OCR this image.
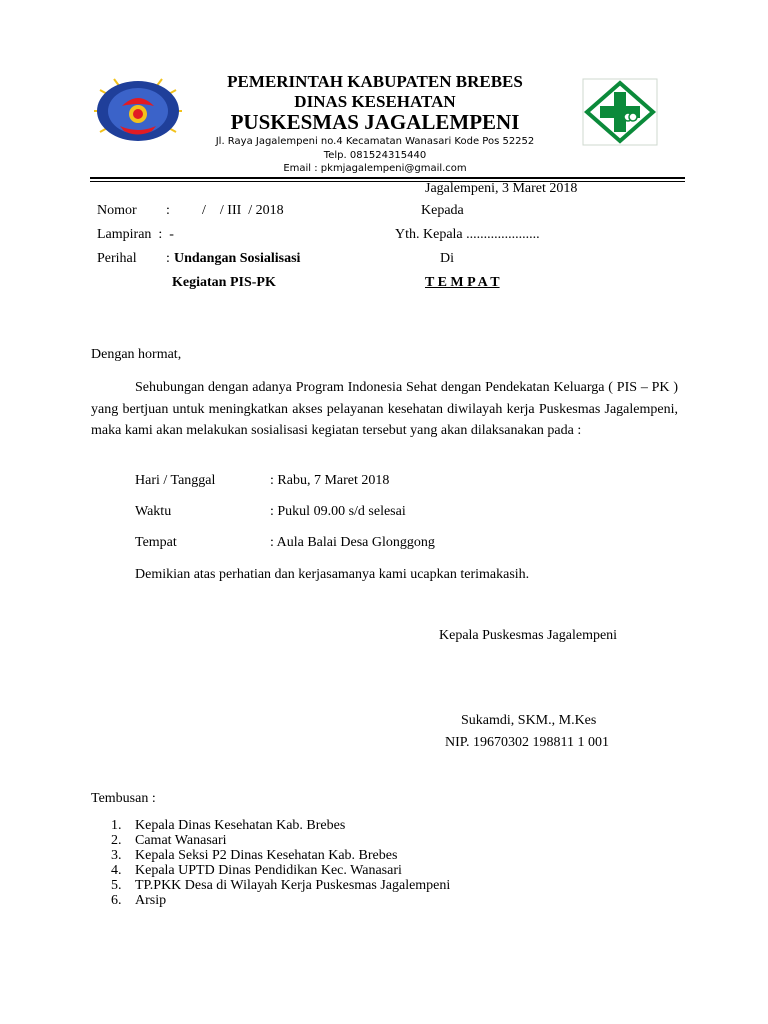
PEMERINTAH KABUPATEN BREBES
DINAS KESEHATAN
PUSKESMAS JAGALEMPENI
Jl. Raya Jagalempeni no.4 Kecamatan Wanasari Kode Pos 52252
Telp. 081524315440
Email : pkmjagalempeni@gmail.com
Jagalempeni, 3 Maret 2018
Nomor : /    / III  / 2018	Kepada
Lampiran  :  -	Yth. Kepala .....................
Perihal : Undangan Sosialisasi	Di
Kegiatan PIS-PK	T E M P A T
Dengan hormat,
Sehubungan dengan adanya Program Indonesia Sehat dengan Pendekatan Keluarga ( PIS – PK ) yang bertjuan untuk meningkatkan akses pelayanan kesehatan diwilayah kerja Puskesmas Jagalempeni, maka kami akan melakukan sosialisasi kegiatan tersebut yang akan dilaksanakan pada :
Hari / Tanggal	: Rabu, 7 Maret 2018
Waktu	: Pukul 09.00 s/d selesai
Tempat	: Aula Balai Desa Glonggong
Demikian atas perhatian dan kerjasamanya kami ucapkan terimakasih.
Kepala Puskesmas Jagalempeni
Sukamdi, SKM., M.Kes
NIP. 19670302 198811 1 001
Tembusan :
1. Kepala Dinas Kesehatan Kab. Brebes
2. Camat Wanasari
3. Kepala Seksi P2 Dinas Kesehatan Kab. Brebes
4. Kepala UPTD Dinas Pendidikan Kec. Wanasari
5. TP.PKK Desa di Wilayah Kerja Puskesmas Jagalempeni
6. Arsip
